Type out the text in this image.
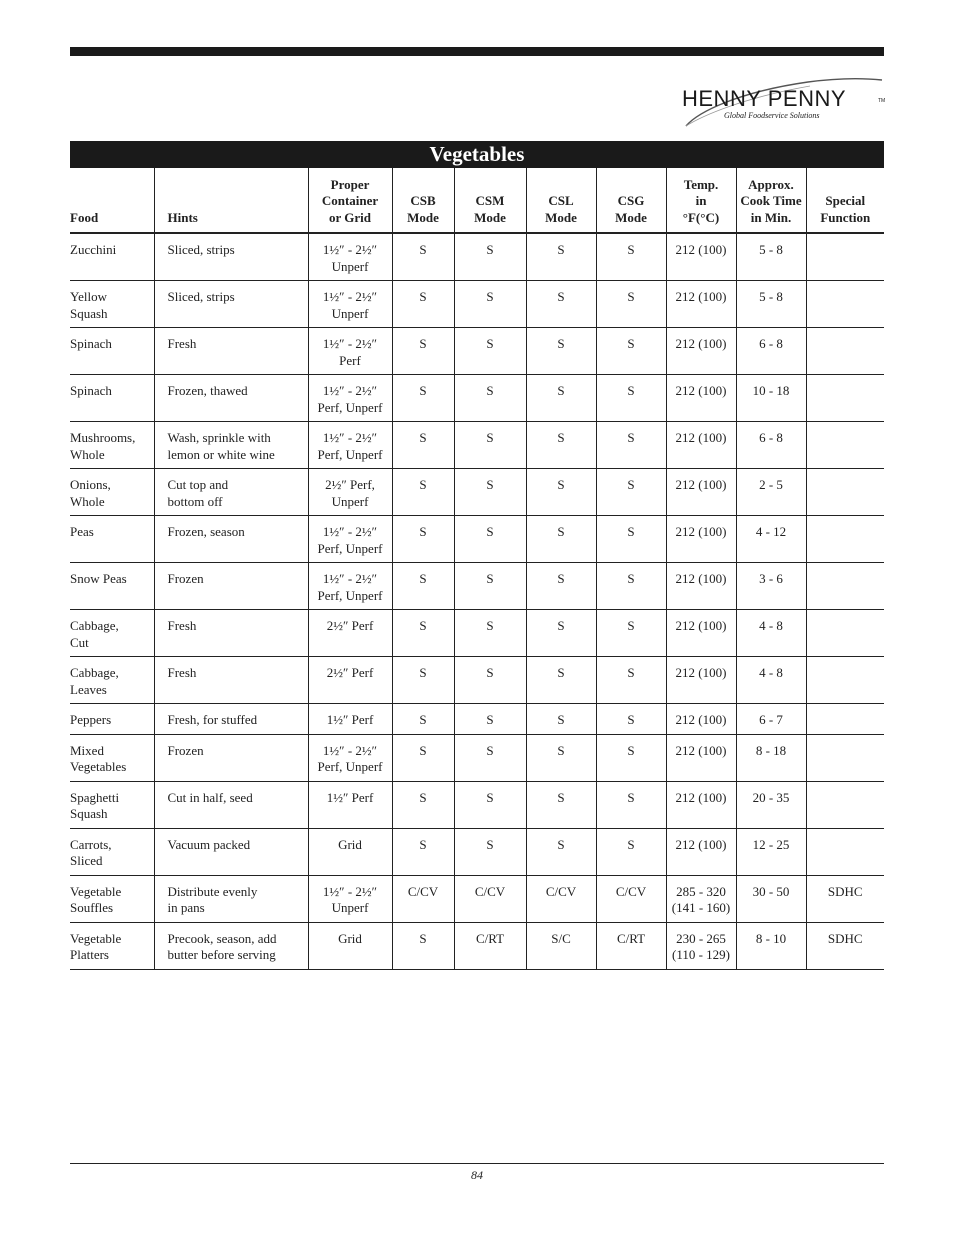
HENNY PENNY	TM
Global Foodservice Solutions
Vegetables
Food	Hints	Proper
Container
or Grid	CSB
Mode	CSM
Mode	CSL
Mode	CSG
Mode	Temp.
in
°F(°C)	Approx.
Cook Time
in Min.	Special
Function
Zucchini	Sliced, strips	1½″ - 2½″
Unperf	S	S	S	S	212 (100)	5 - 8	
Yellow
Squash	Sliced, strips	1½″ - 2½″
Unperf	S	S	S	S	212 (100)	5 - 8	
Spinach	Fresh	1½″ - 2½″
Perf	S	S	S	S	212 (100)	6 - 8	
Spinach	Frozen, thawed	1½″ - 2½″
Perf, Unperf	S	S	S	S	212 (100)	10 - 18	
Mushrooms,
Whole	Wash, sprinkle with
lemon or white wine	1½″ - 2½″
Perf, Unperf	S	S	S	S	212 (100)	6 - 8	
Onions,
Whole	Cut top and
bottom off	2½″ Perf,
Unperf	S	S	S	S	212 (100)	2 - 5	
Peas	Frozen, season	1½″ - 2½″
Perf, Unperf	S	S	S	S	212 (100)	4 - 12	
Snow Peas	Frozen	1½″ - 2½″
Perf, Unperf	S	S	S	S	212 (100)	3 - 6	
Cabbage,
Cut	Fresh	2½″ Perf	S	S	S	S	212 (100)	4 - 8	
Cabbage,
Leaves	Fresh	2½″ Perf	S	S	S	S	212 (100)	4 - 8	
Peppers	Fresh, for stuffed	1½″ Perf	S	S	S	S	212 (100)	6 - 7	
Mixed
Vegetables	Frozen	1½″ - 2½″
Perf, Unperf	S	S	S	S	212 (100)	8 - 18	
Spaghetti
Squash	Cut in half, seed	1½″ Perf	S	S	S	S	212 (100)	20 - 35	
Carrots,
Sliced	Vacuum packed	Grid	S	S	S	S	212 (100)	12 - 25	
Vegetable
Souffles	Distribute evenly
in pans	1½″ - 2½″
Unperf	C/CV	C/CV	C/CV	C/CV	285 - 320
(141 - 160)	30 - 50	SDHC
Vegetable
Platters	Precook, season, add
butter before serving	Grid	S	C/RT	S/C	C/RT	230 - 265
(110 - 129)	8 - 10	SDHC
84
